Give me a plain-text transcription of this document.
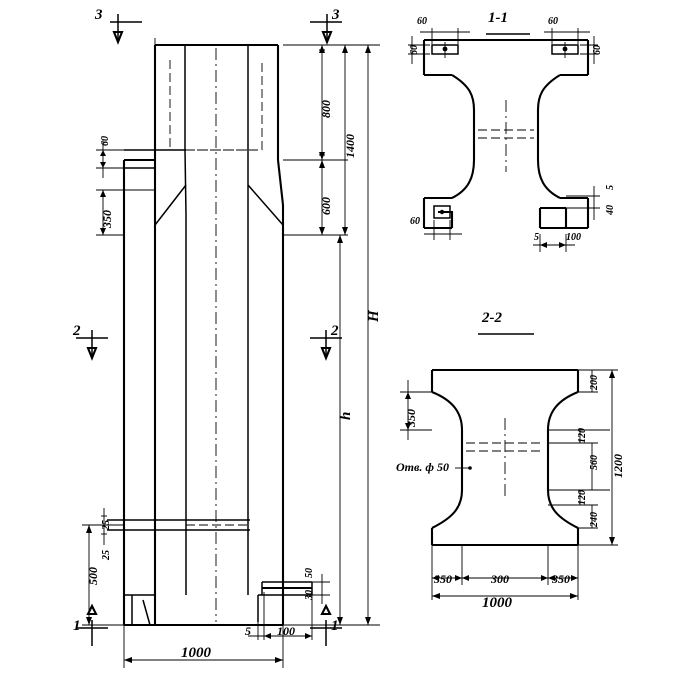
1-1
2-2
3	3
2	2
1	1
800
1400
600
350
60
H
h
500
25
25
50
30
5 100
1000
60	60
60	60
60
5	100
5
40
350
200
120
560
120
240
1200
350	300	350
1000
Отв. ф 50
